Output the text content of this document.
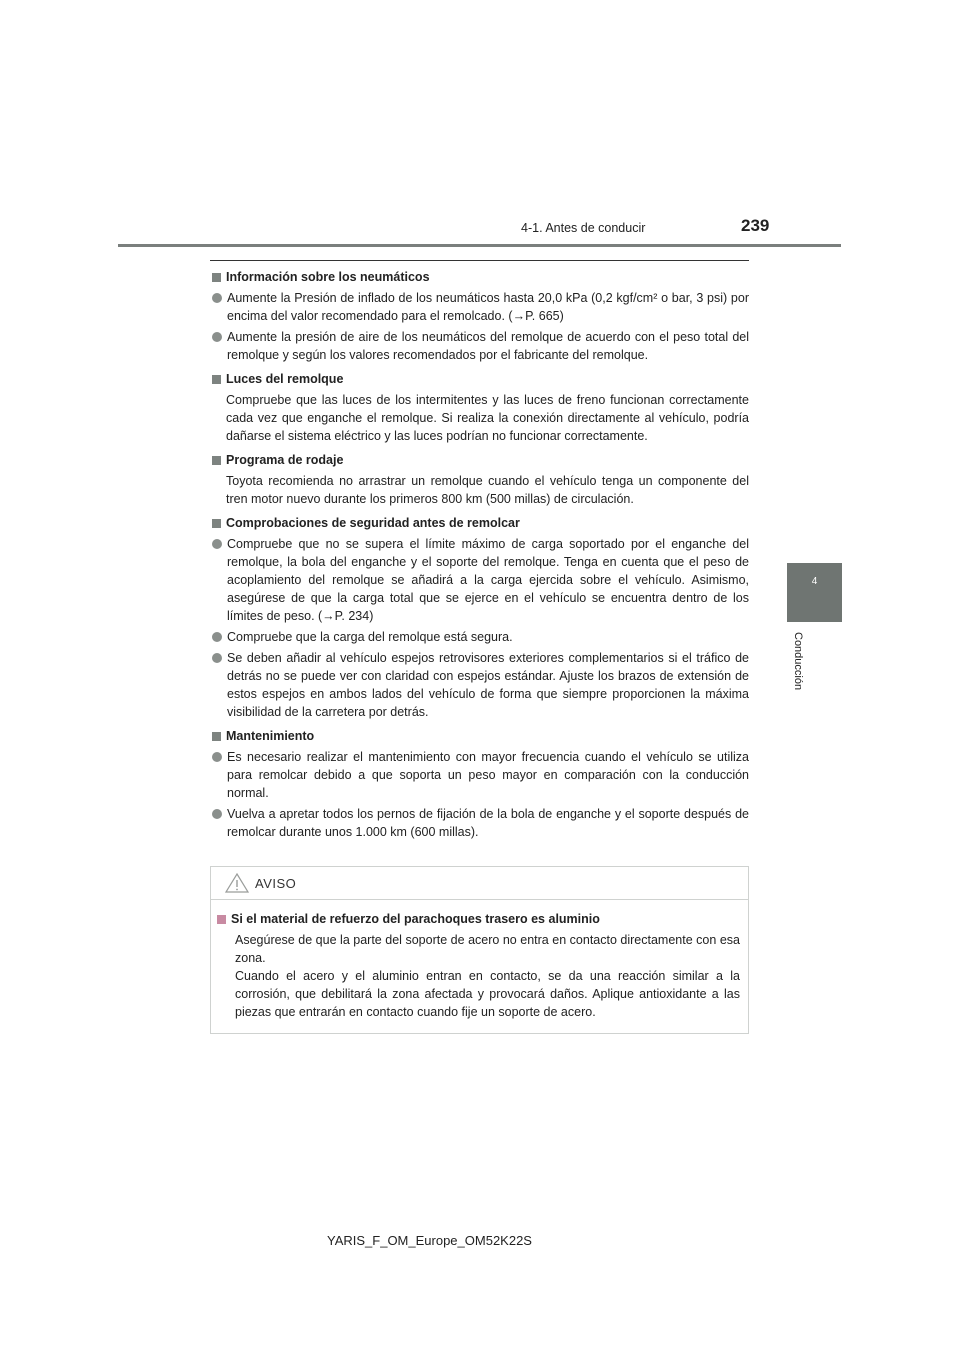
4-1. Antes de conducir	239
4
Conducción
Información sobre los neumáticos
Aumente la Presión de inflado de los neumáticos hasta 20,0 kPa (0,2 kgf/cm² o bar, 3 psi) por encima del valor recomendado para el remolcado. (→P. 665)
Aumente la presión de aire de los neumáticos del remolque de acuerdo con el peso total del remolque y según los valores recomendados por el fabricante del remolque.
Luces del remolque
Compruebe que las luces de los intermitentes y las luces de freno funcionan correctamente cada vez que enganche el remolque. Si realiza la conexión directamente al vehículo, podría dañarse el sistema eléctrico y las luces podrían no funcionar correctamente.
Programa de rodaje
Toyota recomienda no arrastrar un remolque cuando el vehículo tenga un componente del tren motor nuevo durante los primeros 800 km (500 millas) de circulación.
Comprobaciones de seguridad antes de remolcar
Compruebe que no se supera el límite máximo de carga soportado por el enganche del remolque, la bola del enganche y el soporte del remolque. Tenga en cuenta que el peso de acoplamiento del remolque se añadirá a la carga ejercida sobre el vehículo. Asimismo, asegúrese de que la carga total que se ejerce en el vehículo se encuentra dentro de los límites de peso. (→P. 234)
Compruebe que la carga del remolque está segura.
Se deben añadir al vehículo espejos retrovisores exteriores complementarios si el tráfico de detrás no se puede ver con claridad con espejos estándar. Ajuste los brazos de extensión de estos espejos en ambos lados del vehículo de forma que siempre proporcionen la máxima visibilidad de la carretera por detrás.
Mantenimiento
Es necesario realizar el mantenimiento con mayor frecuencia cuando el vehículo se utiliza para remolcar debido a que soporta un peso mayor en comparación con la conducción normal.
Vuelva a apretar todos los pernos de fijación de la bola de enganche y el soporte después de remolcar durante unos 1.000 km (600 millas).
AVISO
Si el material de refuerzo del parachoques trasero es aluminio
Asegúrese de que la parte del soporte de acero no entra en contacto directamente con esa zona.
Cuando el acero y el aluminio entran en contacto, se da una reacción similar a la corrosión, que debilitará la zona afectada y provocará daños. Aplique antioxidante a las piezas que entrarán en contacto cuando fije un soporte de acero.
YARIS_F_OM_Europe_OM52K22S
